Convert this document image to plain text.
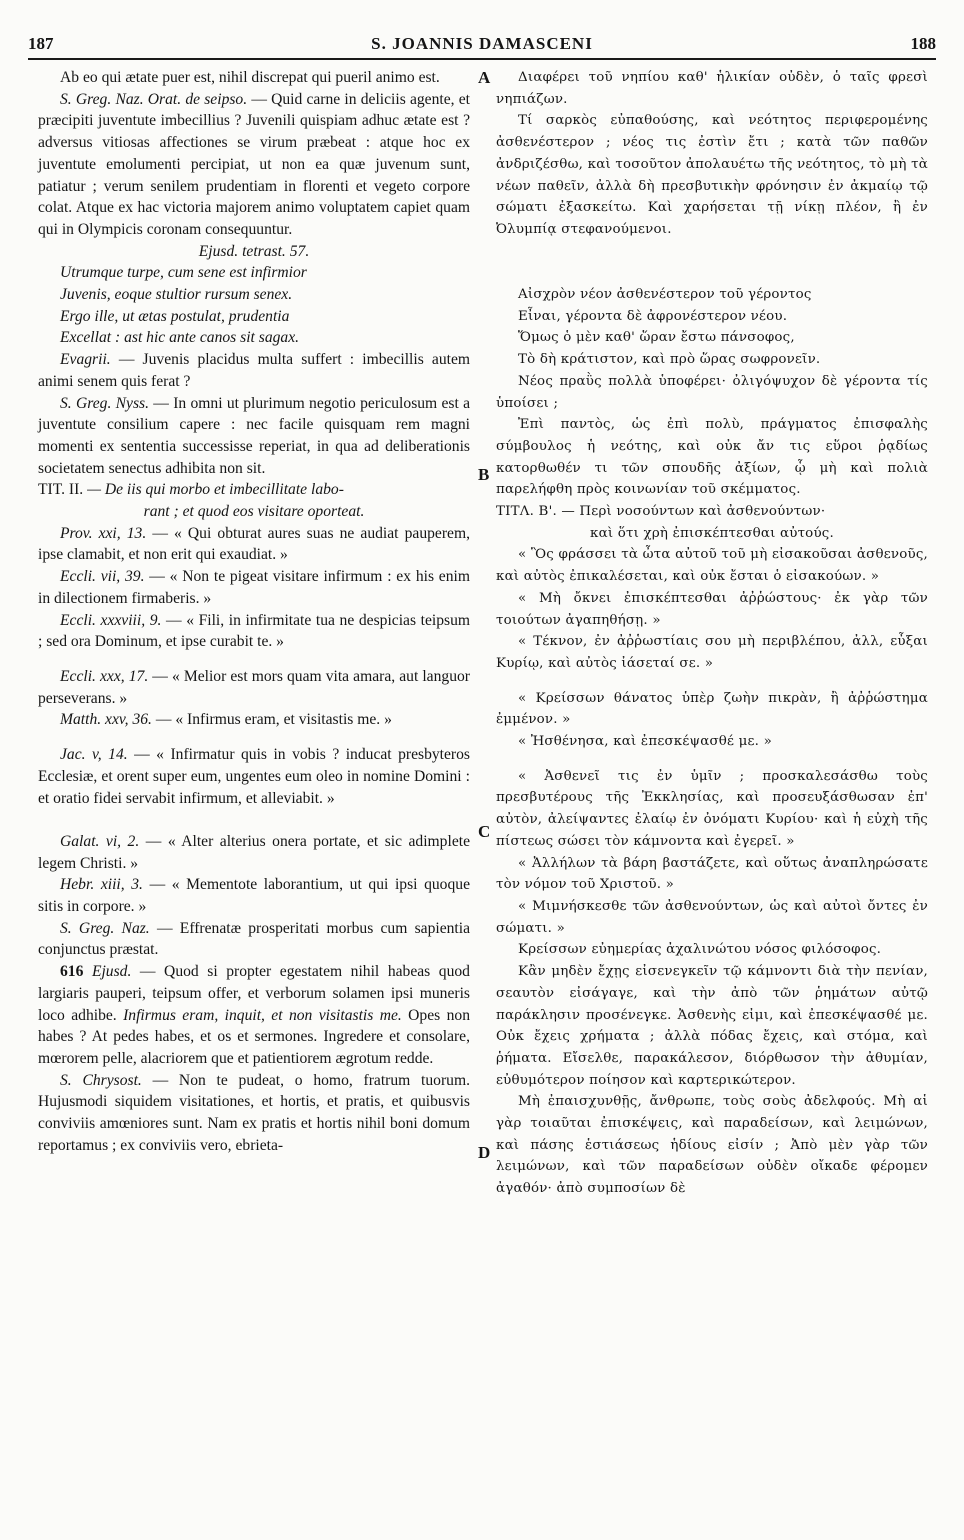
187	S. JOANNIS DAMASCENI	188
A
B
C
D

Ab eo qui ætate puer est, nihil discrepat qui pueril animo est.

S. Greg. Naz. Orat. de seipso. — Quid carne in deliciis agente, et præcipiti juventute imbecillius ? Juvenili quispiam adhuc ætate est ? adversus vitiosas affectiones se virum præbeat : atque hoc ex juventute emolumenti percipiat, ut non ea quæ juvenum sunt, patiatur ; verum senilem prudentiam in florenti et vegeto corpore colat. Atque ex hac victoria majorem animo voluptatem capiet quam qui in Olympicis coronam consequuntur.

Ejusd. tetrast. 57.

Utrumque turpe, cum sene est infirmior

Juvenis, eoque stultior rursum senex.

Ergo ille, ut ætas postulat, prudentia

Excellat : ast hic ante canos sit sagax.

Evagrii. — Juvenis placidus multa suffert : imbecillis autem animi senem quis ferat ?

S. Greg. Nyss. — In omni ut plurimum negotio periculosum est a juventute consilium capere : nec facile quisquam rem magni momenti ex sententia successisse reperiat, in qua ad deliberationis societatem senectus adhibita non sit.

TIT. II. — De iis qui morbo et imbecillitate labo-

rant ; et quod eos visitare oporteat.

Prov. xxi, 13. — « Qui obturat aures suas ne audiat pauperem, ipse clamabit, et non erit qui exaudiat. »

Eccli. vii, 39. — « Non te pigeat visitare infirmum : ex his enim in dilectionem firmaberis. »

Eccli. xxxviii, 9. — « Fili, in infirmitate tua ne despicias teipsum ; sed ora Dominum, et ipse curabit te. »

Eccli. xxx, 17. — « Melior est mors quam vita amara, aut languor perseverans. »

Matth. xxv, 36. — « Infirmus eram, et visitastis me. »

Jac. v, 14. — « Infirmatur quis in vobis ? inducat presbyteros Ecclesiæ, et orent super eum, ungentes eum oleo in nomine Domini : et oratio fidei servabit infirmum, et alleviabit. »

Galat. vi, 2. — « Alter alterius onera portate, et sic adimplete legem Christi. »

Hebr. xiii, 3. — « Mementote laborantium, ut qui ipsi quoque sitis in corpore. »

S. Greg. Naz. — Effrenatæ prosperitati morbus cum sapientia conjunctus præstat.

616 Ejusd. — Quod si propter egestatem nihil habeas quod largiaris pauperi, teipsum offer, et verborum solamen ipsi muneris loco adhibe. Infirmus eram, inquit, et non visitastis me. Opes non habes ? At pedes habes, et os et sermones. Ingredere et consolare, mœrorem pelle, alacriorem que et patientiorem ægrotum redde.

S. Chrysost. — Non te pudeat, o homo, fratrum tuorum. Hujusmodi siquidem visitationes, et hortis, et pratis, et quibusvis conviviis amœniores sunt. Nam ex pratis et hortis nihil boni domum reportamus ; ex conviviis vero, ebrieta-

Διαφέρει τοῦ νηπίου καθ' ἡλικίαν οὐδὲν, ὁ ταῖς φρεσὶ νηπιάζων.

Τί σαρκὸς εὐπαθούσης, καὶ νεότητος περιφερομένης ἀσθενέστερον ; νέος τις ἐστὶν ἔτι ; κατὰ τῶν παθῶν ἀνδριζέσθω, καὶ τοσοῦτον ἀπολαυέτω τῆς νεότητος, τὸ μὴ τὰ νέων παθεῖν, ἀλλὰ δὴ πρεσβυτικὴν φρόνησιν ἐν ἀκμαίῳ τῷ σώματι ἐξασκείτω. Καὶ χαρήσεται τῇ νίκῃ πλέον, ἢ ἐν Ὀλυμπίᾳ στεφανούμενοι.

Αἰσχρὸν νέον ἀσθενέστερον τοῦ γέροντος

Εἶναι, γέροντα δὲ ἀφρονέστερον νέου.

Ὅμως ὁ μὲν καθ' ὥραν ἔστω πάνσοφος,

Τὸ δὴ κράτιστον, καὶ πρὸ ὥρας σωφρονεῖν.

Νέος πραῢς πολλὰ ὑποφέρει· ὀλιγόψυχον δὲ γέροντα τίς ὑποίσει ;

Ἐπὶ παντὸς, ὡς ἐπὶ πολὺ, πράγματος ἐπισφαλὴς σύμβουλος ἡ νεότης, καὶ οὐκ ἄν τις εὕροι ῥᾳδίως κατορθωθέν τι τῶν σπουδῆς ἀξίων, ᾧ μὴ καὶ πολιὰ παρελήφθη πρὸς κοινωνίαν τοῦ σκέμματος.

ΤΙΤΛ. Β'. — Περὶ νοσούντων καὶ ἀσθενούντων·

καὶ ὅτι χρὴ ἐπισκέπτεσθαι αὐτούς.

« Ὃς φράσσει τὰ ὦτα αὐτοῦ τοῦ μὴ εἰσακοῦσαι ἀσθενοῦς, καὶ αὐτὸς ἐπικαλέσεται, καὶ οὐκ ἔσται ὁ εἰσακούων. »

« Μὴ ὄκνει ἐπισκέπτεσθαι ἀῤῥώστους· ἐκ γὰρ τῶν τοιούτων ἀγαπηθήσῃ. »

« Τέκνον, ἐν ἀῤῥωστίαις σου μὴ περιβλέπου, ἀλλ, εὖξαι Κυρίῳ, καὶ αὐτὸς ἰάσεταί σε. »

« Κρείσσων θάνατος ὑπὲρ ζωὴν πικρὰν, ἢ ἀῤῥώστημα ἐμμένον. »

« Ἠσθένησα, καὶ ἐπεσκέψασθέ με. »

« Ἀσθενεῖ τις ἐν ὑμῖν ; προσκαλεσάσθω τοὺς πρεσβυτέρους τῆς Ἐκκλησίας, καὶ προσευξάσθωσαν ἐπ' αὐτὸν, ἀλείψαντες ἐλαίῳ ἐν ὀνόματι Κυρίου· καὶ ἡ εὐχὴ τῆς πίστεως σώσει τὸν κάμνοντα καὶ ἐγερεῖ. »

« Ἀλλήλων τὰ βάρη βαστάζετε, καὶ οὕτως ἀναπληρώσατε τὸν νόμον τοῦ Χριστοῦ. »

« Μιμνήσκεσθε τῶν ἀσθενούντων, ὡς καὶ αὐτοὶ ὄντες ἐν σώματι. »

Κρείσσων εὐημερίας ἀχαλινώτου νόσος φιλόσοφος.

Κἂν μηδὲν ἔχῃς εἰσενεγκεῖν τῷ κάμνοντι διὰ τὴν πενίαν, σεαυτὸν εἰσάγαγε, καὶ τὴν ἀπὸ τῶν ῥημάτων αὐτῷ παράκλησιν προσένεγκε. Ἀσθενὴς εἰμι, καὶ ἐπεσκέψασθέ με. Οὐκ ἔχεις χρήματα ; ἀλλὰ πόδας ἔχεις, καὶ στόμα, καὶ ῥήματα. Εἴσελθε, παρακάλεσον, διόρθωσον τὴν ἀθυμίαν, εὐθυμότερον ποίησον καὶ καρτερικώτερον.

Μὴ ἐπαισχυνθῇς, ἄνθρωπε, τοὺς σοὺς ἀδελφούς. Μὴ αἱ γὰρ τοιαῦται ἐπισκέψεις, καὶ παραδείσων, καὶ λειμώνων, καὶ πάσης ἑστιάσεως ἡδίους εἰσίν ; Ἀπὸ μὲν γὰρ τῶν λειμώνων, καὶ τῶν παραδείσων οὐδὲν οἴκαδε φέρομεν ἀγαθόν· ἀπὸ συμποσίων δὲ
